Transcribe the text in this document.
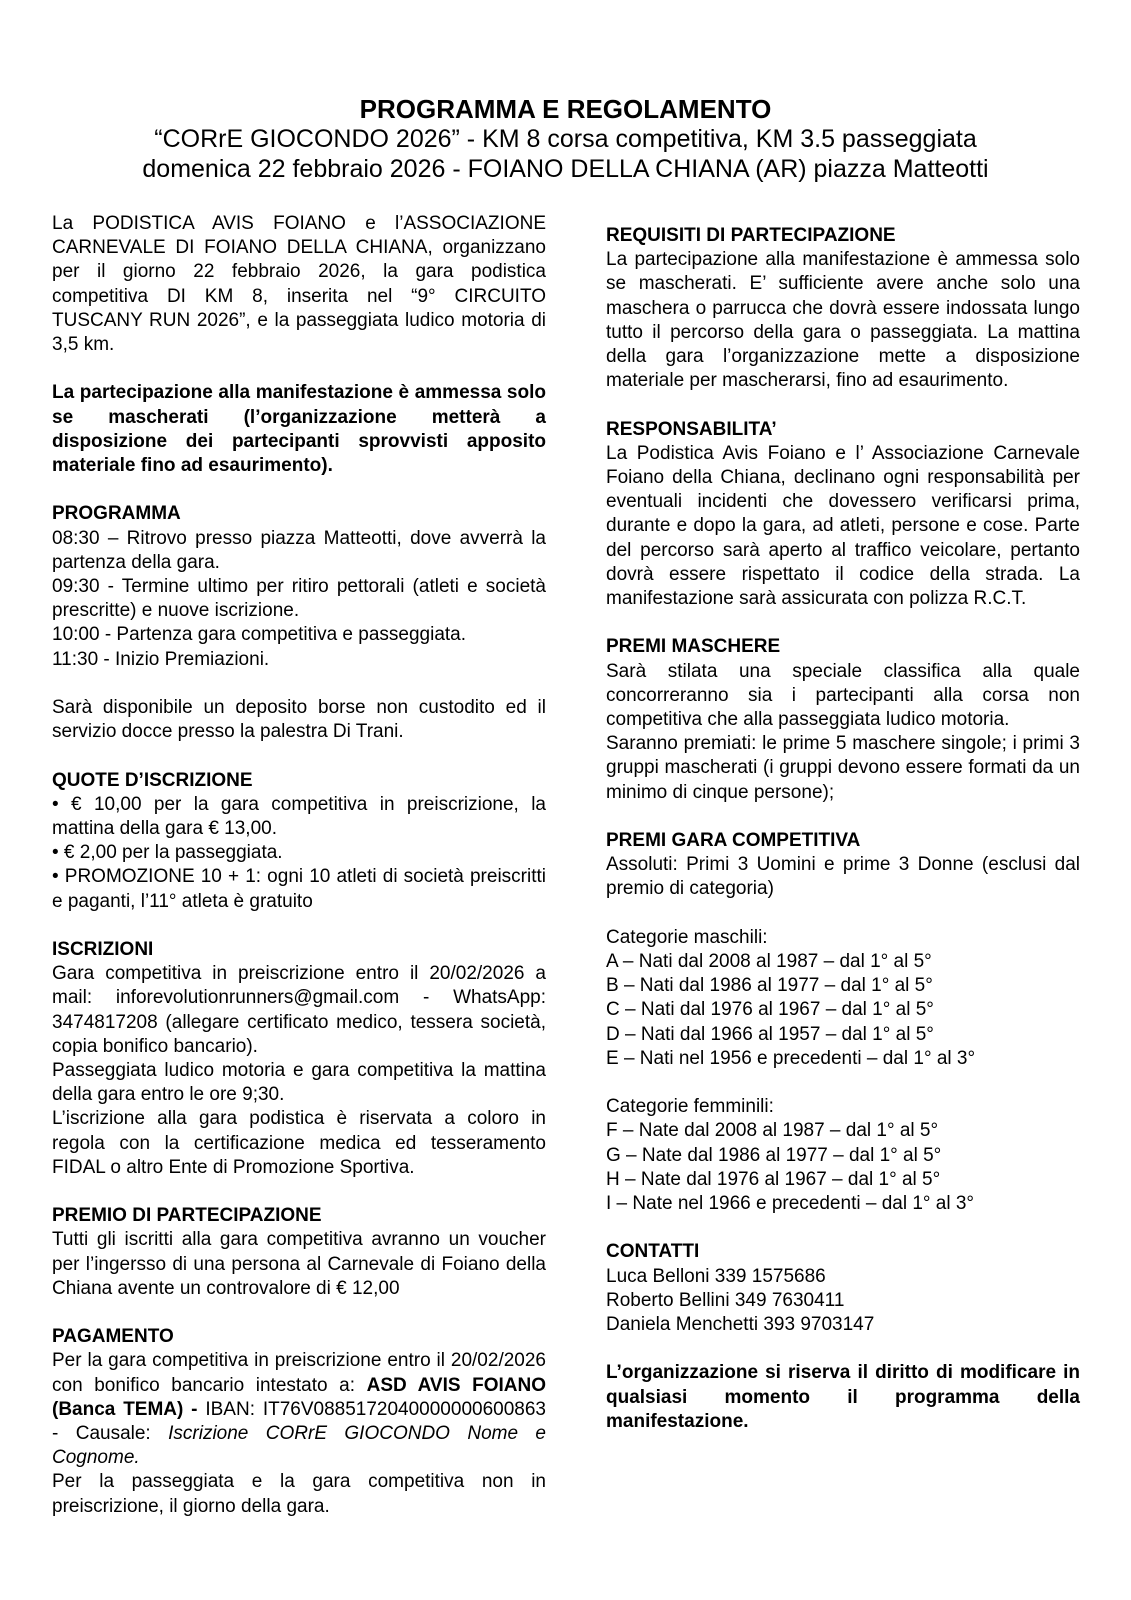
PROGRAMMA E REGOLAMENTO
“CORrE GIOCONDO 2026” - KM 8 corsa competitiva, KM 3.5 passeggiata
domenica 22 febbraio 2026 - FOIANO DELLA CHIANA (AR) piazza Matteotti

La PODISTICA AVIS FOIANO e l’ASSOCIAZIONE CARNEVALE DI FOIANO DELLA CHIANA, organizzano per il giorno 22 febbraio 2026, la gara podistica competitiva DI KM 8, inserita nel “9° CIRCUITO TUSCANY RUN 2026”, e la passeggiata ludico motoria di 3,5 km.

La partecipazione alla manifestazione è ammessa solo se mascherati (l’organizzazione metterà a disposizione dei partecipanti sprovvisti apposito materiale fino ad esaurimento).

PROGRAMMA

08:30 – Ritrovo presso piazza Matteotti, dove avverrà la partenza della gara.

09:30 - Termine ultimo per ritiro pettorali (atleti e società prescritte) e nuove iscrizione.

10:00 - Partenza gara competitiva e passeggiata.

11:30 - Inizio Premiazioni.

Sarà disponibile un deposito borse non custodito ed il servizio docce presso la palestra Di Trani.

QUOTE D’ISCRIZIONE

• € 10,00 per la gara competitiva in preiscrizione, la mattina della gara € 13,00.

• € 2,00 per la passeggiata.

• PROMOZIONE 10 + 1: ogni 10 atleti di società preiscritti e paganti, l’11° atleta è gratuito

ISCRIZIONI

Gara competitiva in preiscrizione entro il 20/02/2026 a mail: inforevolutionrunners@gmail.com - WhatsApp: 3474817208 (allegare certificato medico, tessera società, copia bonifico bancario).

Passeggiata ludico motoria e gara competitiva la mattina della gara entro le ore 9;30.

L’iscrizione alla gara podistica è riservata a coloro in regola con la certificazione medica ed tesseramento FIDAL o altro Ente di Promozione Sportiva.

PREMIO DI PARTECIPAZIONE

Tutti gli iscritti alla gara competitiva avranno un voucher per l’ingersso di una persona al Carnevale di Foiano della Chiana avente un controvalore di € 12,00

PAGAMENTO

Per la gara competitiva in preiscrizione entro il 20/02/2026 con bonifico bancario intestato a: ASD AVIS FOIANO (Banca TEMA) - IBAN: IT76V0885172040000000600863 - Causale: Iscrizione CORrE GIOCONDO Nome e Cognome.

Per la passeggiata e la gara competitiva non in preiscrizione, il giorno della gara.

REQUISITI DI PARTECIPAZIONE

La partecipazione alla manifestazione è ammessa solo se mascherati. E’ sufficiente avere anche solo una maschera o parrucca che dovrà essere indossata lungo tutto il percorso della gara o passeggiata. La mattina della gara l’organizzazione mette a disposizione materiale per mascherarsi, fino ad esaurimento.

RESPONSABILITA’

La Podistica Avis Foiano e l’ Associazione Carnevale Foiano della Chiana, declinano ogni responsabilità per eventuali incidenti che dovessero verificarsi prima, durante e dopo la gara, ad atleti, persone e cose. Parte del percorso sarà aperto al traffico veicolare, pertanto dovrà essere rispettato il codice della strada. La manifestazione sarà assicurata con polizza R.C.T.

PREMI MASCHERE

Sarà stilata una speciale classifica alla quale concorreranno sia i partecipanti alla corsa non competitiva che alla passeggiata ludico motoria.

Saranno premiati: le prime 5 maschere singole; i primi 3 gruppi mascherati (i gruppi devono essere formati da un minimo di cinque persone);

PREMI GARA COMPETITIVA

Assoluti: Primi 3 Uomini e prime 3 Donne (esclusi dal premio di categoria)

Categorie maschili:

A – Nati dal 2008 al 1987 – dal 1° al 5°

B – Nati dal 1986 al 1977 – dal 1° al 5°

C – Nati dal 1976 al 1967 – dal 1° al 5°

D – Nati dal 1966 al 1957 – dal 1° al 5°

E – Nati nel 1956 e precedenti – dal 1° al 3°

Categorie femminili:

F – Nate dal 2008 al 1987 – dal 1° al 5°

G – Nate dal 1986 al 1977 – dal 1° al 5°

H – Nate dal 1976 al 1967 – dal 1° al 5°

I – Nate nel 1966 e precedenti – dal 1° al 3°

CONTATTI

Luca Belloni 339 1575686

Roberto Bellini 349 7630411

Daniela Menchetti 393 9703147

L’organizzazione si riserva il diritto di modificare in qualsiasi momento il programma della manifestazione.
